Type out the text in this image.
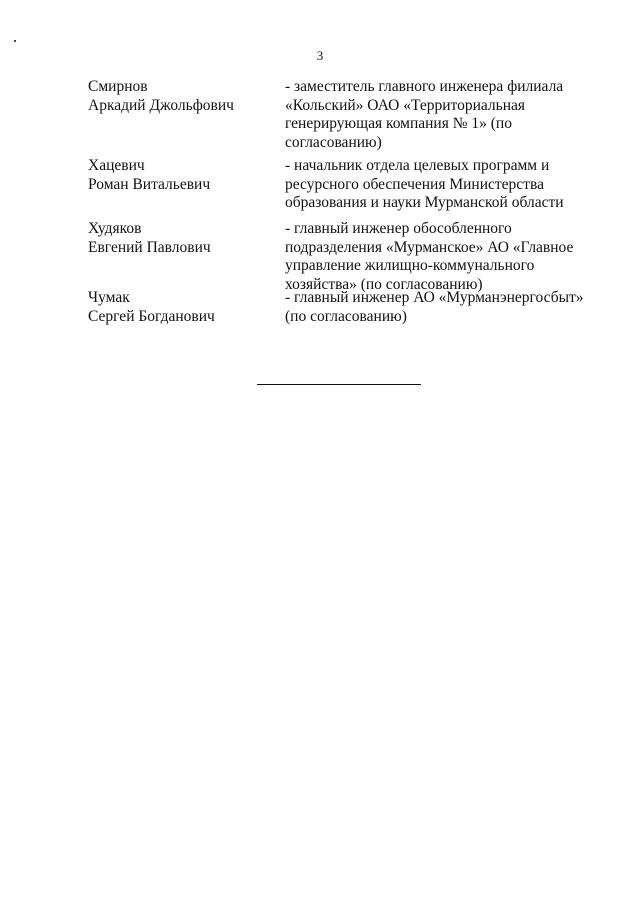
3
Смирнов
Аркадий Джольфович
- заместитель главного инженера филиала
«Кольский» ОАО «Территориальная
генерирующая компания № 1» (по
согласованию)
Хацевич
Роман Витальевич
- начальник отдела целевых программ и
ресурсного обеспечения Министерства
образования и науки Мурманской области
Худяков
Евгений Павлович
- главный инженер обособленного
подразделения «Мурманское» АО «Главное
управление жилищно-коммунального
хозяйства» (по согласованию)
Чумак
Сергей Богданович
- главный инженер АО «Мурманэнергосбыт»
(по согласованию)
